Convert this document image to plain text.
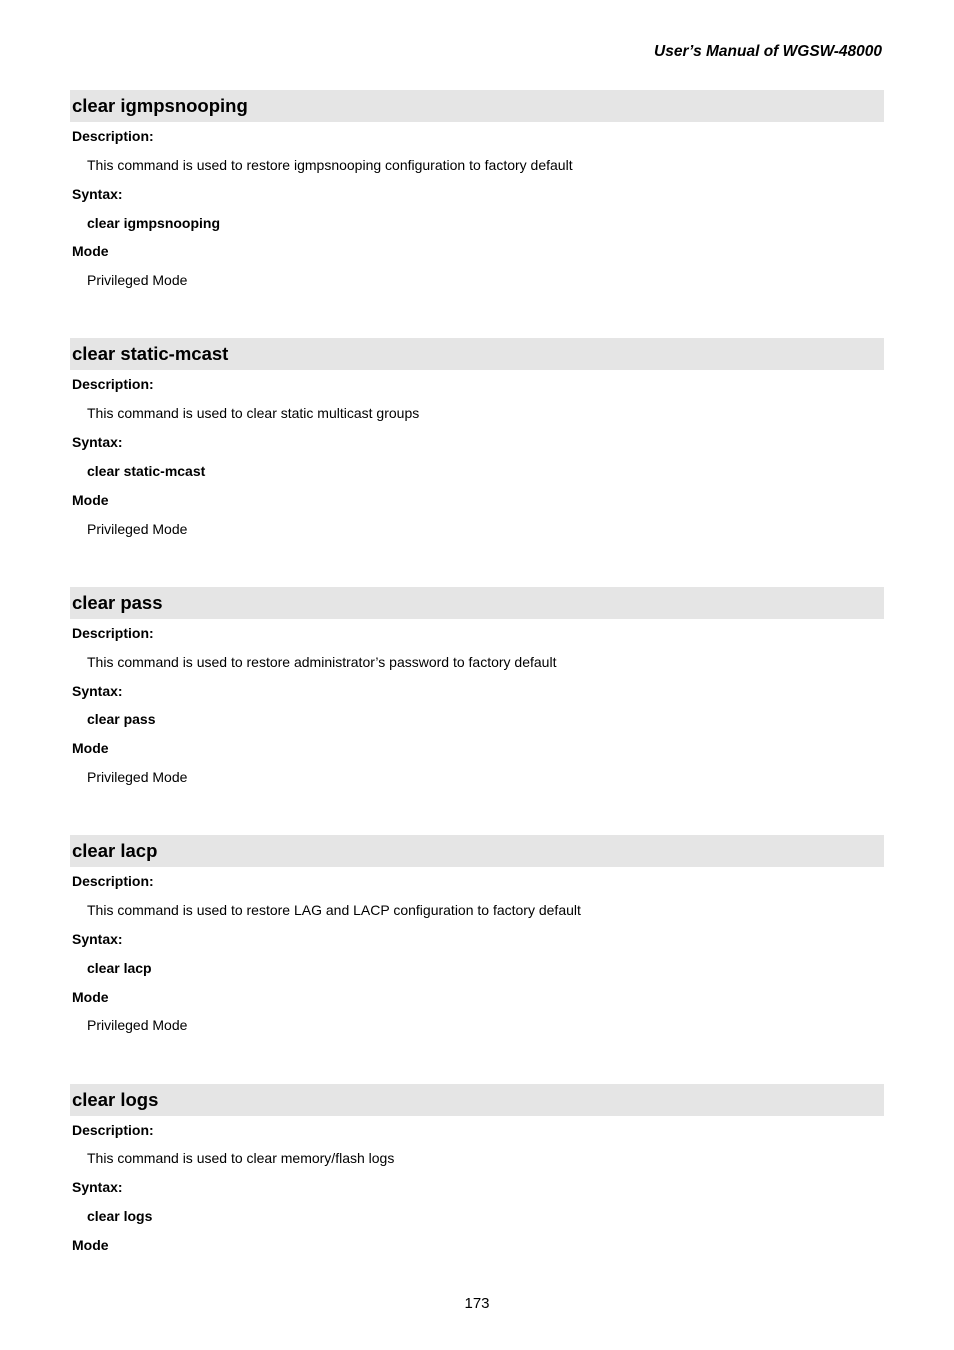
User’s Manual of WGSW-48000
clear igmpsnooping
Description:
This command is used to restore igmpsnooping configuration to factory default
Syntax:
clear igmpsnooping
Mode
Privileged Mode
clear static-mcast
Description:
This command is used to clear static multicast groups
Syntax:
clear static-mcast
Mode
Privileged Mode
clear pass
Description:
This command is used to restore administrator’s password to factory default
Syntax:
clear pass
Mode
Privileged Mode
clear lacp
Description:
This command is used to restore LAG and LACP configuration to factory default
Syntax:
clear lacp
Mode
Privileged Mode
clear logs
Description:
This command is used to clear memory/flash logs
Syntax:
clear logs
Mode
173
